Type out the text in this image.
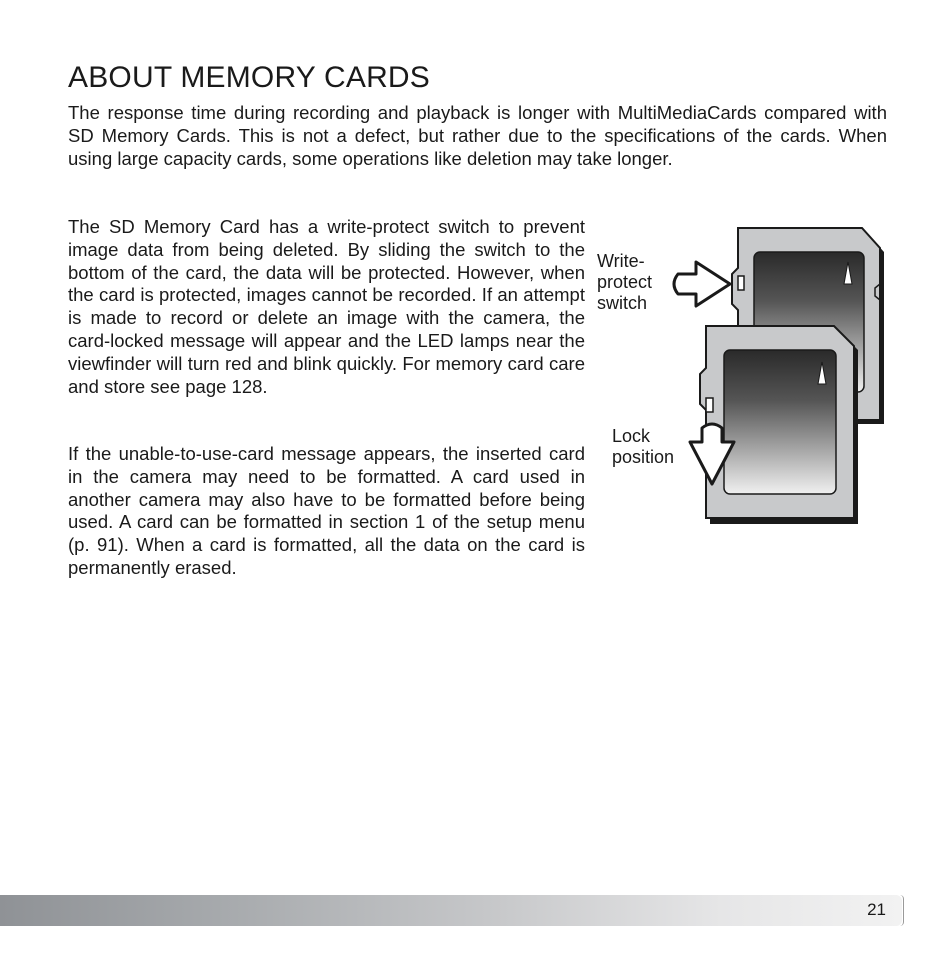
ABOUT MEMORY CARDS

The response time during recording and playback is longer with MultiMediaCards compared with SD Memory Cards. This is not a defect, but rather due to the specifications of the cards. When using large capacity cards, some operations like deletion may take longer.

The SD Memory Card has a write-protect switch to prevent image data from being deleted. By sliding the switch to the bottom of the card, the data will be protected. However, when the card is protected, images cannot be recorded. If an attempt is made to record or delete an image with the camera, the card-locked message will appear and the LED lamps near the viewfinder will turn red and blink quickly. For memory card care and store see page 128.

If the unable-to-use-card message appears, the inserted card in the camera may need to be formatted. A card used in another camera may also have to be formatted before being used. A card can be formatted in section 1 of the setup menu (p. 91). When a card is formatted, all the data on the card is permanently erased.

Write-
protect
switch

Lock
position

21
